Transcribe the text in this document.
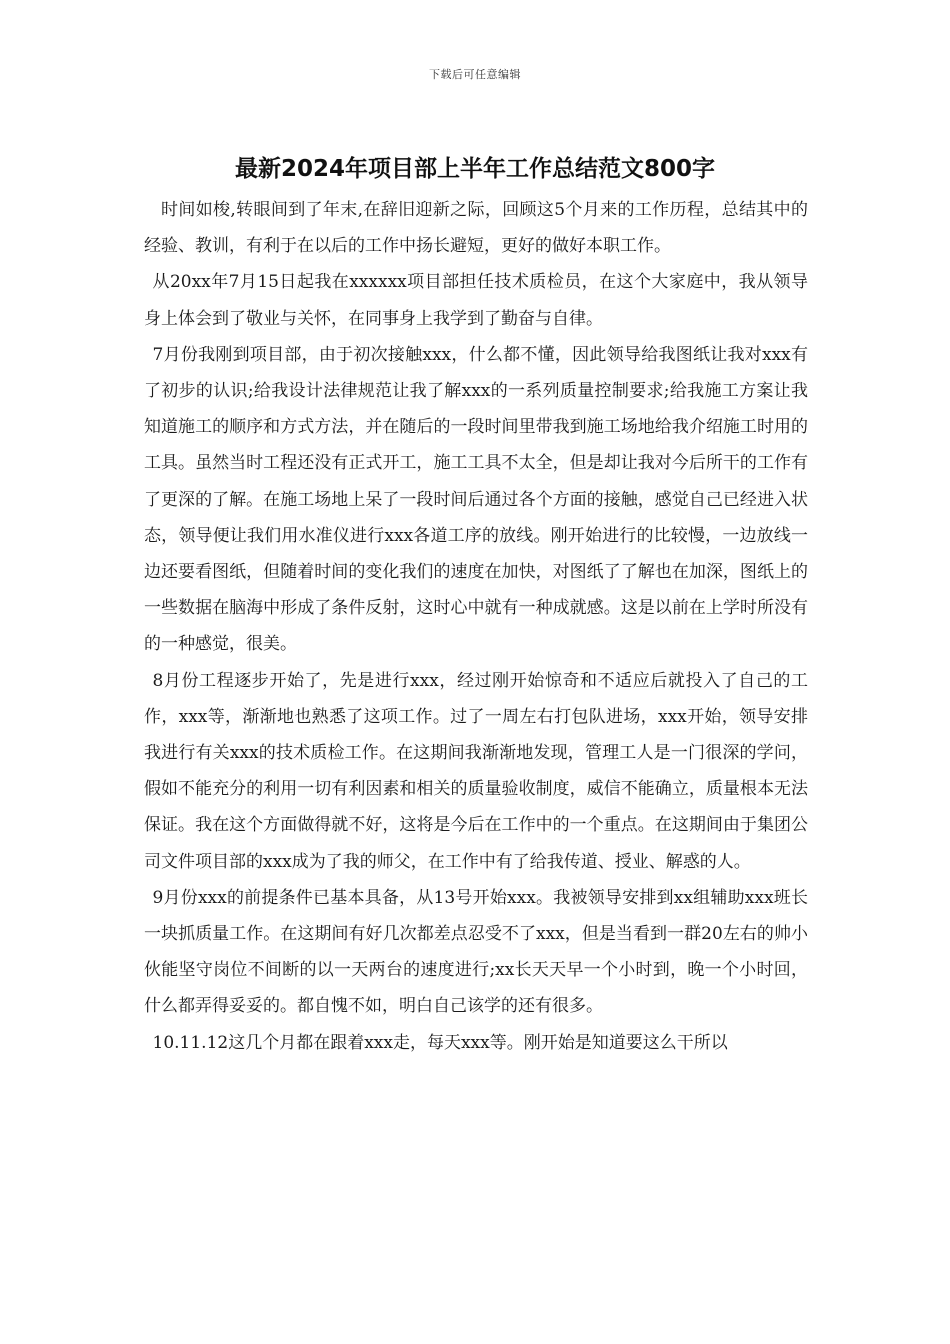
下载后可任意编辑
最新2024年项目部上半年工作总结范文800字

时间如梭,转眼间到了年末,在辞旧迎新之际，回顾这5个月来的工作历程，总结其中的经验、教训，有利于在以后的工作中扬长避短，更好的做好本职工作。

从20xx年7月15日起我在xxxxxx项目部担任技术质检员，在这个大家庭中，我从领导身上体会到了敬业与关怀，在同事身上我学到了勤奋与自律。

7月份我刚到项目部，由于初次接触xxx，什么都不懂，因此领导给我图纸让我对xxx有了初步的认识;给我设计法律规范让我了解xxx的一系列质量控制要求;给我施工方案让我知道施工的顺序和方式方法，并在随后的一段时间里带我到施工场地给我介绍施工时用的工具。虽然当时工程还没有正式开工，施工工具不太全，但是却让我对今后所干的工作有了更深的了解。在施工场地上呆了一段时间后通过各个方面的接触，感觉自己已经进入状态，领导便让我们用水准仪进行xxx各道工序的放线。刚开始进行的比较慢，一边放线一边还要看图纸，但随着时间的变化我们的速度在加快，对图纸了了解也在加深，图纸上的一些数据在脑海中形成了条件反射，这时心中就有一种成就感。这是以前在上学时所没有的一种感觉，很美。

8月份工程逐步开始了，先是进行xxx，经过刚开始惊奇和不适应后就投入了自己的工作，xxx等，渐渐地也熟悉了这项工作。过了一周左右打包队进场，xxx开始，领导安排我进行有关xxx的技术质检工作。在这期间我渐渐地发现，管理工人是一门很深的学问，假如不能充分的利用一切有利因素和相关的质量验收制度，威信不能确立，质量根本无法保证。我在这个方面做得就不好，这将是今后在工作中的一个重点。在这期间由于集团公司文件项目部的xxx成为了我的师父，在工作中有了给我传道、授业、解惑的人。

9月份xxx的前提条件已基本具备，从13号开始xxx。我被领导安排到xx组辅助xxx班长一块抓质量工作。在这期间有好几次都差点忍受不了xxx，但是当看到一群20左右的帅小伙能坚守岗位不间断的以一天两台的速度进行;xx长天天早一个小时到，晚一个小时回，什么都弄得妥妥的。都自愧不如，明白自己该学的还有很多。

10.11.12这几个月都在跟着xxx走，每天xxx等。刚开始是知道要这么干所以
